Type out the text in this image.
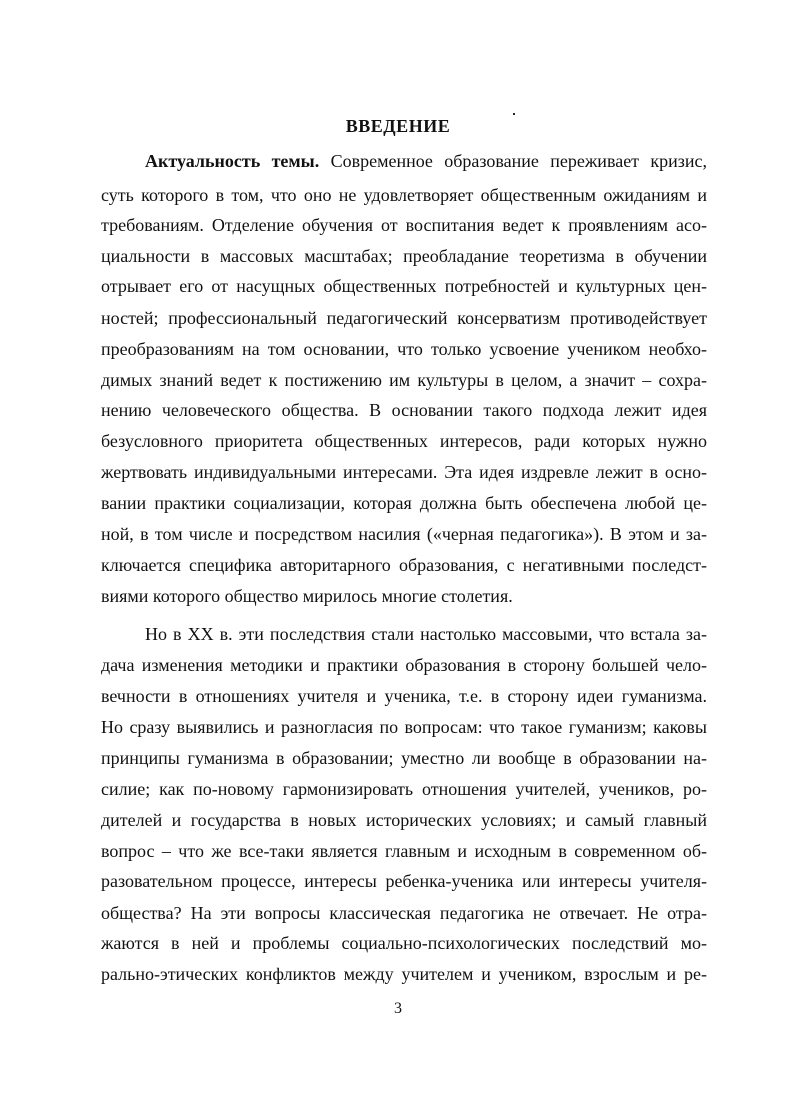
ВВЕДЕНИЕ
Актуальность темы. Современное образование переживает кризис,
суть которого в том, что оно не удовлетворяет общественным ожиданиям и
требованиям. Отделение обучения от воспитания ведет к проявлениям асо-
циальности в массовых масштабах; преобладание теоретизма в обучении
отрывает его от насущных общественных потребностей и культурных цен-
ностей; профессиональный педагогический консерватизм противодействует
преобразованиям на том основании, что только усвоение учеником необхо-
димых знаний ведет к постижению им культуры в целом, а значит – сохра-
нению человеческого общества. В основании такого подхода лежит идея
безусловного приоритета общественных интересов, ради которых нужно
жертвовать индивидуальными интересами. Эта идея издревле лежит в осно-
вании практики социализации, которая должна быть обеспечена любой це-
ной, в том числе и посредством насилия («черная педагогика»). В этом и за-
ключается специфика авторитарного образования, с негативными последст-
виями которого общество мирилось многие столетия.
Но в XX в. эти последствия стали настолько массовыми, что встала за-
дача изменения методики и практики образования в сторону большей чело-
вечности в отношениях учителя и ученика, т.е. в сторону идеи гуманизма.
Но сразу выявились и разногласия по вопросам: что такое гуманизм; каковы
принципы гуманизма в образовании; уместно ли вообще в образовании на-
силие; как по-новому гармонизировать отношения учителей, учеников, ро-
дителей и государства в новых исторических условиях; и самый главный
вопрос – что же все-таки является главным и исходным в современном об-
разовательном процессе, интересы ребенка-ученика или интересы учителя-
общества? На эти вопросы классическая педагогика не отвечает. Не отра-
жаются в ней и проблемы социально-психологических последствий мо-
рально-этических конфликтов между учителем и учеником, взрослым и ре-
3
